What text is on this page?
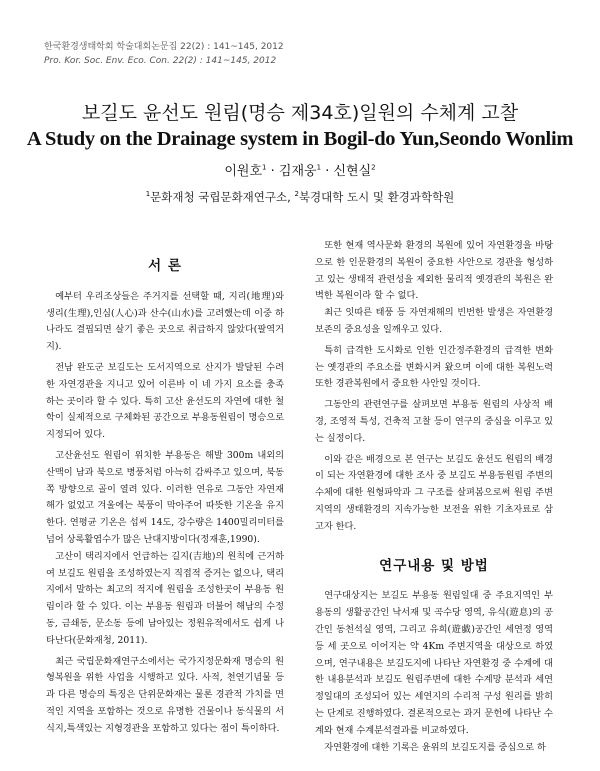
한국환경생태학회 학술대회논문집 22(2) : 141~145, 2012
Pro. Kor. Soc. Env. Eco. Con. 22(2) : 141~145, 2012
보길도 윤선도 원림(명승 제34호)일원의 수체계 고찰
A Study on the Drainage system in Bogil-do Yun,Seondo Wonlim
이원호$^1$ · 김재웅$^1$ · 신현실$^2$
$^1$문화재청 국립문화재연구소, $^2$북경대학 도시 및 환경과학학원
서 론

예부터 우리조상들은 주거지를 선택할 때, 지리(地理)와 생리(生理),인심(人心)과 산수(山水)를 고려했는데 이중 하나라도 결핍되면 살기 좋은 곳으로 취급하지 않았다(팔역거지).

전남 완도군 보길도는 도서지역으로 산지가 발달된 수려한 자연경관을 지니고 있어 이른바 이 네 가지 요소를 충족하는 곳이라 할 수 있다. 특히 고산 윤선도의 자연에 대한 철학이 실제적으로 구체화된 공간으로 부용동원림이 명승으로 지정되어 있다.

고산윤선도 원림이 위치한 부용동은 해발 300m 내외의 산맥이 남과 북으로 병풍처럼 아늑히 감싸주고 있으며, 북동쪽 방향으로 골이 열려 있다. 이러한 연유로 그동안 자연재해가 없었고 겨울에는 북풍이 막아주어 따뜻한 기온을 유지한다. 연평균 기온은 섭씨 14도, 강수량은 1400밀리미터를 넘어 상록활엽수가 많은 난대지방이다(정재훈,1990).

고산이 택리지에서 언급하는 길지(吉地)의 원칙에 근거하여 보길도 원림을 조성하였는지 직접적 증거는 없으나, 택리지에서 말하는 최고의 적지에 원림을 조성한곳이 부용동 원림이라 할 수 있다. 이는 부용동 원림과 더불어 해남의 수정동, 금쇄동, 문소동 등에 남아있는 정원유적에서도 쉽게 나타난다(문화재청, 2011).

최근 국립문화재연구소에서는 국가지정문화재 명승의 원형복원을 위한 사업을 시행하고 있다. 사적, 천연기념물 등과 다른 명승의 특징은 단위문화재는 물론 경관적 가치를 면적인 지역을 포함하는 것으로 유명한 건물이나 동식물의 서식지,특색있는 지형경관을 포함하고 있다는 점이 특이하다.

또한 현재 역사문화 환경의 복원에 있어 자연환경을 바탕으로 한 인문환경의 복원이 중요한 사안으로 경관을 형성하고 있는 생태적 관련성을 제외한 물리적 옛경관의 복원은 완벽한 복원이라 할 수 없다.

최근 잇따른 태풍 등 자연재해의 빈번한 발생은 자연환경 보존의 중요성을 일깨우고 있다.

특히 급격한 도시화로 인한 인간정주환경의 급격한 변화는 옛경관의 주요소를 변화시켜 왔으며 이에 대한 복원노력 또한 경관복원에서 중요한 사안일 것이다.

그동안의 관련연구를 살펴보면 부용동 원림의 사상적 배경, 조영적 특성, 건축적 고찰 등이 연구의 중심을 이루고 있는 실정이다.

이와 같은 배경으로 본 연구는 보길도 윤선도 원림의 배경이 되는 자연환경에 대한 조사 중 보길도 부용동원림 주변의 수체에 대한 원형파악과 그 구조를 살펴봄으로써 원림 주변지역의 생태환경의 지속가능한 보전을 위한 기초자료로 삼고자 한다.

연구내용 및 방법

연구대상지는 보길도 부용동 원림일대 중 주요지역인 부용동의 생활공간인 낙서재 및 곡수당 영역, 유식(遊息)의 공간인 동천석실 영역, 그리고 유희(遊戱)공간인 세연정 영역 등 세 곳으로 이어지는 약 4Km 주변지역을 대상으로 하였으며, 연구내용은 보길도지에 나타난 자연환경 중 수계에 대한 내용분석과 보길도 원림주변에 대한 수계망 분석과 세연정일대의 조성되어 있는 세연지의 수리적 구성 원리를 밝히는 단계로 진행하였다. 결론적으로는 과거 문헌에 나타난 수계와 현재 수계분석결과를 비교하였다.

자연환경에 대한 기록은 윤위의 보길도지를 중심으로 하
